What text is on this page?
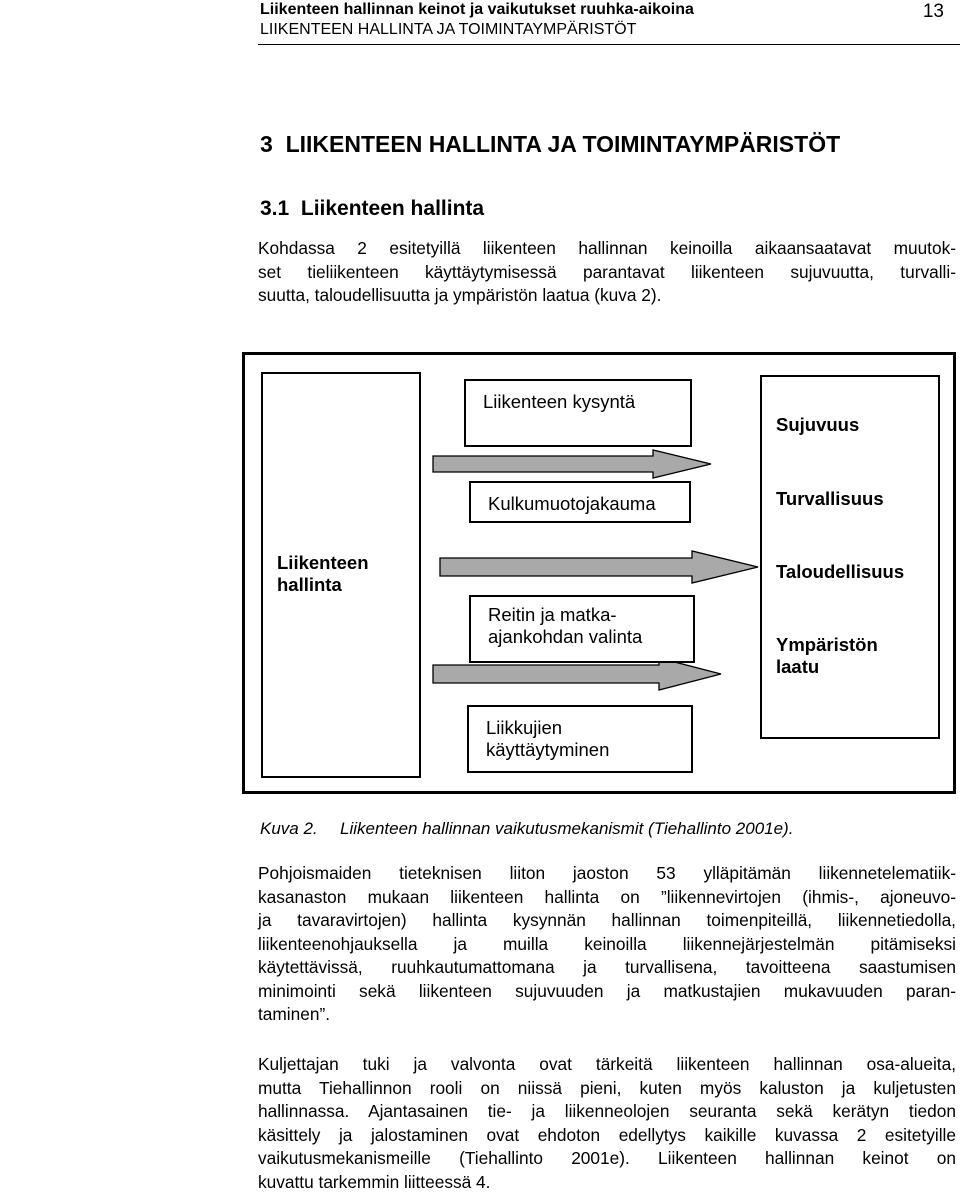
Liikenteen hallinnan keinot ja vaikutukset ruuhka-aikoina
LIIKENTEEN HALLINTA JA TOIMINTAYMPÄRISTÖT
13
3  LIIKENTEEN HALLINTA JA TOIMINTAYMPÄRISTÖT
3.1  Liikenteen hallinta
Kohdassa 2 esitetyillä liikenteen hallinnan keinoilla aikaansaatavat muutok-
set tieliikenteen käyttäytymisessä parantavat liikenteen sujuvuutta, turvalli-
suutta, taloudellisuutta ja ympäristön laatua (kuva 2).
Liikenteen
hallinta
Liikenteen kysyntä
Kulkumuotojakauma
Reitin ja matka-
ajankohdan valinta
Liikkujien
käyttäytyminen
Sujuvuus
Turvallisuus
Taloudellisuus
Ympäristön
laatu
Kuva 2. Liikenteen hallinnan vaikutusmekanismit (Tiehallinto 2001e).
Pohjoismaiden tieteknisen liiton jaoston 53 ylläpitämän liikennetelematiik-
kasanaston mukaan liikenteen hallinta on ”liikennevirtojen (ihmis-, ajoneuvo-
ja tavaravirtojen) hallinta kysynnän hallinnan toimenpiteillä, liikennetiedolla,
liikenteenohjauksella ja muilla keinoilla liikennejärjestelmän pitämiseksi
käytettävissä, ruuhkautumattomana ja turvallisena, tavoitteena saastumisen
minimointi sekä liikenteen sujuvuuden ja matkustajien mukavuuden paran-
taminen”.
Kuljettajan tuki ja valvonta ovat tärkeitä liikenteen hallinnan osa-alueita,
mutta Tiehallinnon rooli on niissä pieni, kuten myös kaluston ja kuljetusten
hallinnassa. Ajantasainen tie- ja liikenneolojen seuranta sekä kerätyn tiedon
käsittely ja jalostaminen ovat ehdoton edellytys kaikille kuvassa 2 esitetyille
vaikutusmekanismeille (Tiehallinto 2001e). Liikenteen hallinnan keinot on
kuvattu tarkemmin liitteessä 4.
